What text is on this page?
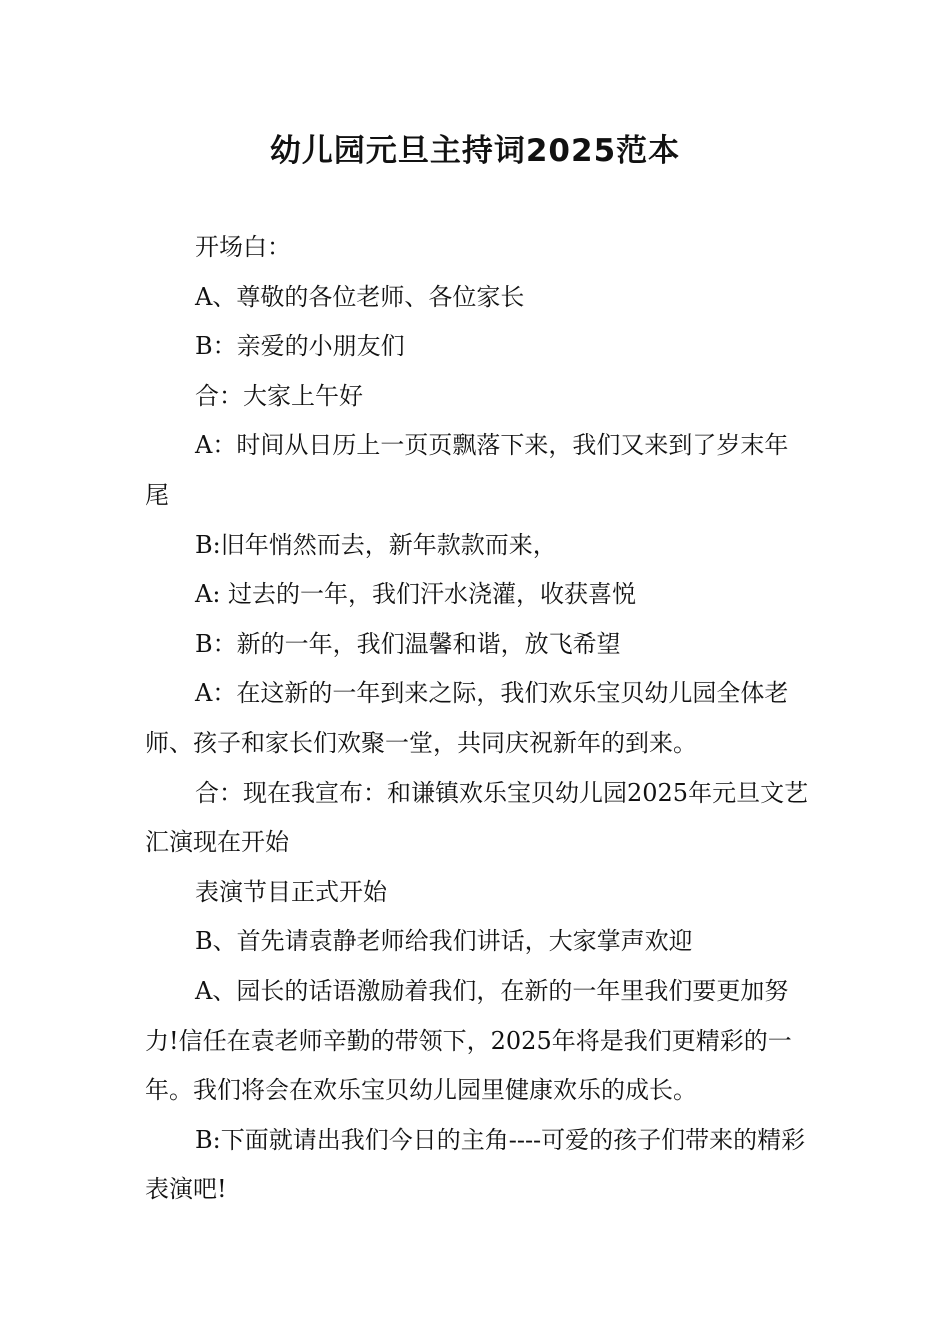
幼儿园元旦主持词2025范本

开场白：

A、尊敬的各位老师、各位家长

B：亲爱的小朋友们

合：大家上午好

A：时间从日历上一页页飘落下来，我们又来到了岁末年尾

B:旧年悄然而去，新年款款而来，

A: 过去的一年，我们汗水浇灌，收获喜悦

B：新的一年，我们温馨和谐，放飞希望

A：在这新的一年到来之际，我们欢乐宝贝幼儿园全体老师、孩子和家长们欢聚一堂，共同庆祝新年的到来。

合：现在我宣布：和谦镇欢乐宝贝幼儿园2025年元旦文艺汇演现在开始

表演节目正式开始

B、首先请袁静老师给我们讲话，大家掌声欢迎

A、园长的话语激励着我们，在新的一年里我们要更加努力!信任在袁老师辛勤的带领下，2025年将是我们更精彩的一年。我们将会在欢乐宝贝幼儿园里健康欢乐的成长。

B:下面就请出我们今日的主角----可爱的孩子们带来的精彩表演吧!
